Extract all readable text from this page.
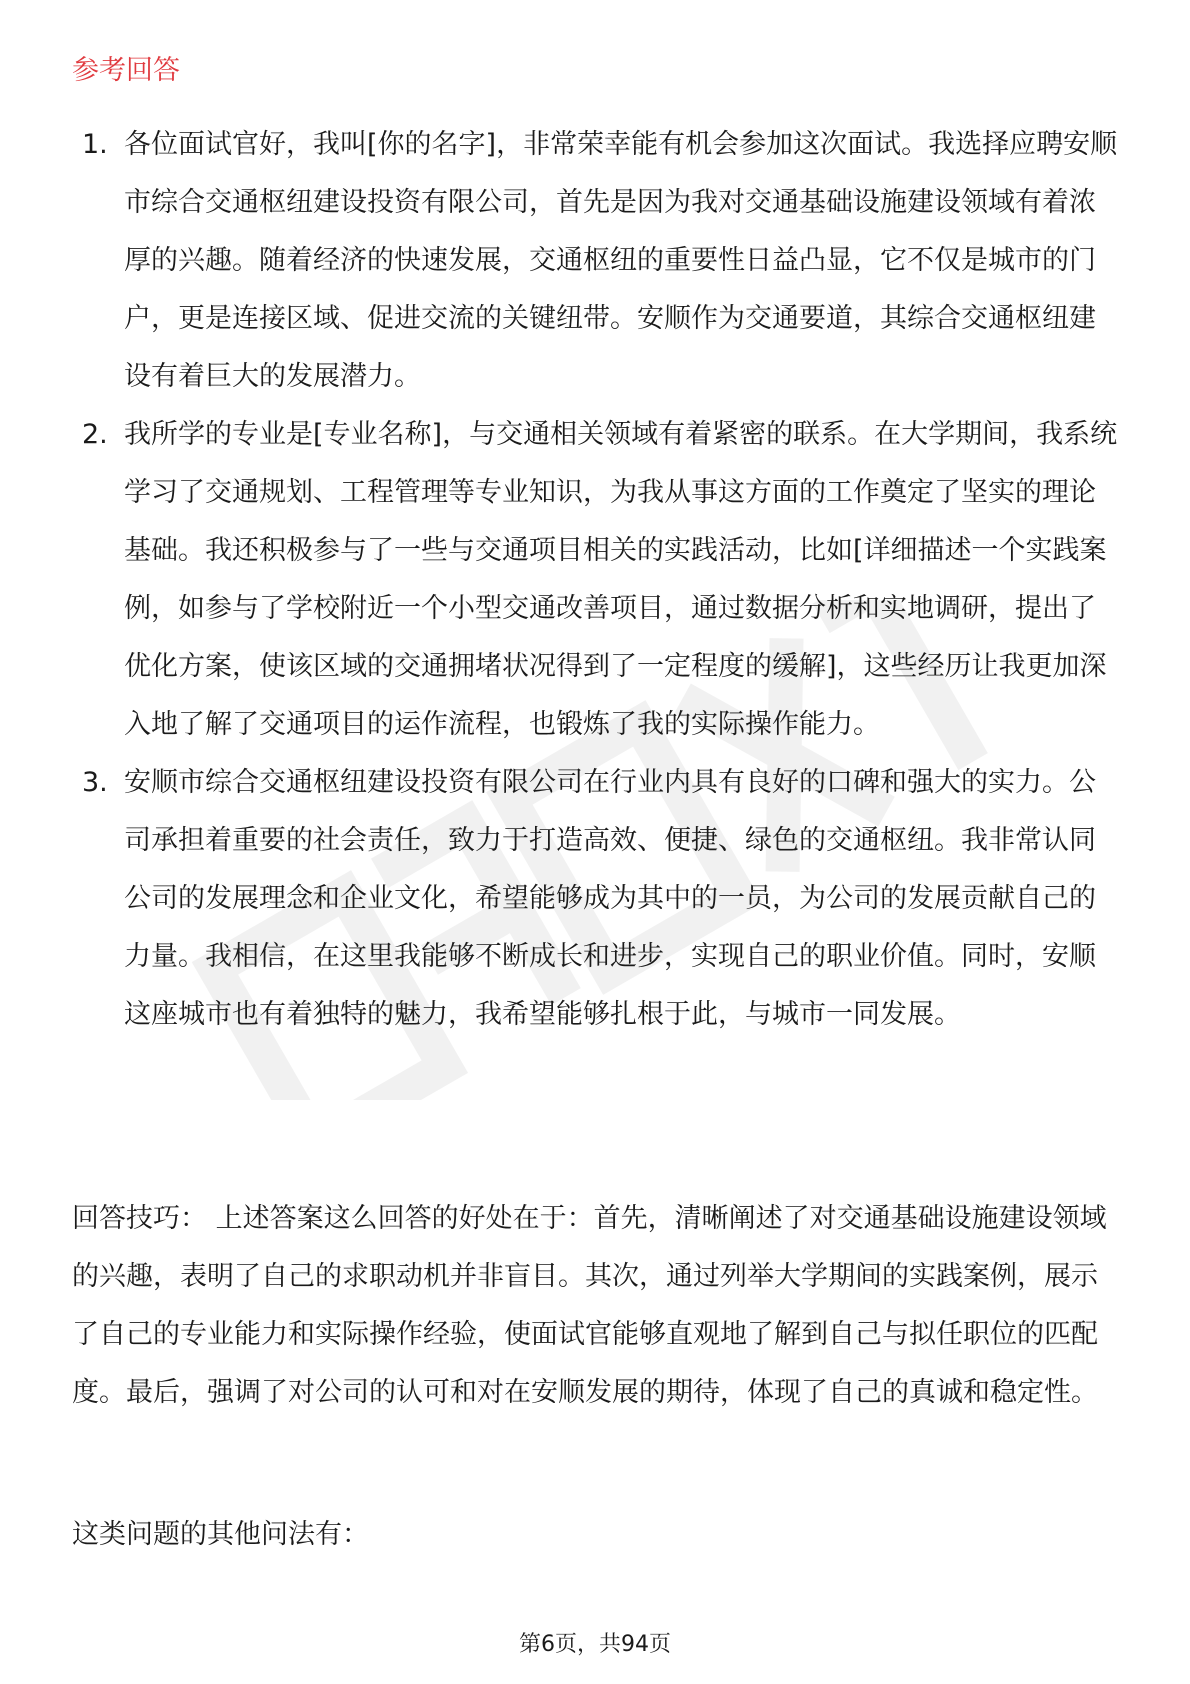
参考回答
1. 各位面试官好，我叫[你的名字]，非常荣幸能有机会参加这次面试。我选择应聘安顺市综合交通枢纽建设投资有限公司，首先是因为我对交通基础设施建设领域有着浓厚的兴趣。随着经济的快速发展，交通枢纽的重要性日益凸显，它不仅是城市的门户，更是连接区域、促进交流的关键纽带。安顺作为交通要道，其综合交通枢纽建设有着巨大的发展潜力。
2. 我所学的专业是[专业名称]，与交通相关领域有着紧密的联系。在大学期间，我系统学习了交通规划、工程管理等专业知识，为我从事这方面的工作奠定了坚实的理论基础。我还积极参与了一些与交通项目相关的实践活动，比如[详细描述一个实践案例，如参与了学校附近一个小型交通改善项目，通过数据分析和实地调研，提出了优化方案，使该区域的交通拥堵状况得到了一定程度的缓解]，这些经历让我更加深入地了解了交通项目的运作流程，也锻炼了我的实际操作能力。
3. 安顺市综合交通枢纽建设投资有限公司在行业内具有良好的口碑和强大的实力。公司承担着重要的社会责任，致力于打造高效、便捷、绿色的交通枢纽。我非常认同公司的发展理念和企业文化，希望能够成为其中的一员，为公司的发展贡献自己的力量。我相信，在这里我能够不断成长和进步，实现自己的职业价值。同时，安顺这座城市也有着独特的魅力，我希望能够扎根于此，与城市一同发展。

回答技巧： 上述答案这么回答的好处在于：首先，清晰阐述了对交通基础设施建设领域的兴趣，表明了自己的求职动机并非盲目。其次，通过列举大学期间的实践案例，展示了自己的专业能力和实际操作经验，使面试官能够直观地了解到自己与拟任职位的匹配度。最后，强调了对公司的认可和对在安顺发展的期待，体现了自己的真诚和稳定性。

这类问题的其他问法有：

第6页，共94页
